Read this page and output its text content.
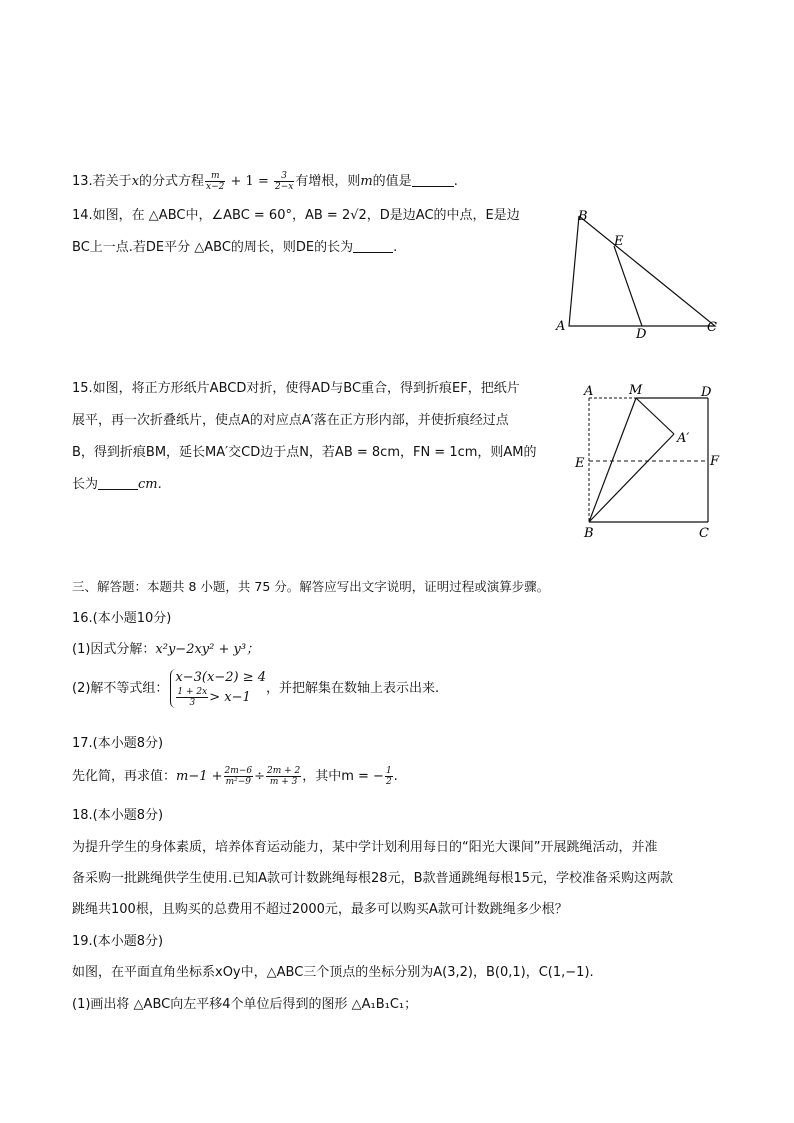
13.若关于x的分式方程 $\frac{m}{x-2} + 1 = \frac{3}{2-x}$ 有增根，则m的值是	.
14.如图，在 △ABC中，∠ABC = 60°，AB = 2√2，D是边AC的中点，E是边
BC上一点.若DE平分 △ABC的周长，则DE的长为	.
B
A	C
D
E
15.如图，将正方形纸片ABCD对折，使得AD与BC重合，得到折痕EF，把纸片
展平，再一次折叠纸片，使点A的对应点A′落在正方形内部，并使折痕经过点
B，得到折痕BM，延长MA′交CD边于点N，若AB = 8cm，FN = 1cm，则AM的
长为	cm.
A	M	D
A′
E	F
B	C
三、解答题：本题共 8 小题，共 75 分。解答应写出文字说明，证明过程或演算步骤。
16.(本小题10分)
(1)因式分解：x²y−2xy² + y³；
(2)解不等式组：
x−3(x−2) ≥ 4
$\frac{1 + 2x}{3} > x-1$
，并把解集在数轴上表示出来.
17.(本小题8分)
先化简，再求值：$m-1 + \frac{2m-6}{\text{m²−9}} \div \frac{2m + 2}{m + 3}$ ，其中m = − $\frac{1}{2}$ .
18.(本小题8分)
为提升学生的身体素质，培养体育运动能力，某中学计划利用每日的“阳光大课间”开展跳绳活动，并准
备采购一批跳绳供学生使用.已知A款可计数跳绳每根28元，B款普通跳绳每根15元，学校准备采购这两款
跳绳共100根，且购买的总费用不超过2000元，最多可以购买A款可计数跳绳多少根？
19.(本小题8分)
如图，在平面直角坐标系xOy中，△ABC三个顶点的坐标分别为A(3,2)，B(0,1)，C(1,−1).
(1)画出将 △ABC向左平移4个单位后得到的图形 △A₁B₁C₁；
